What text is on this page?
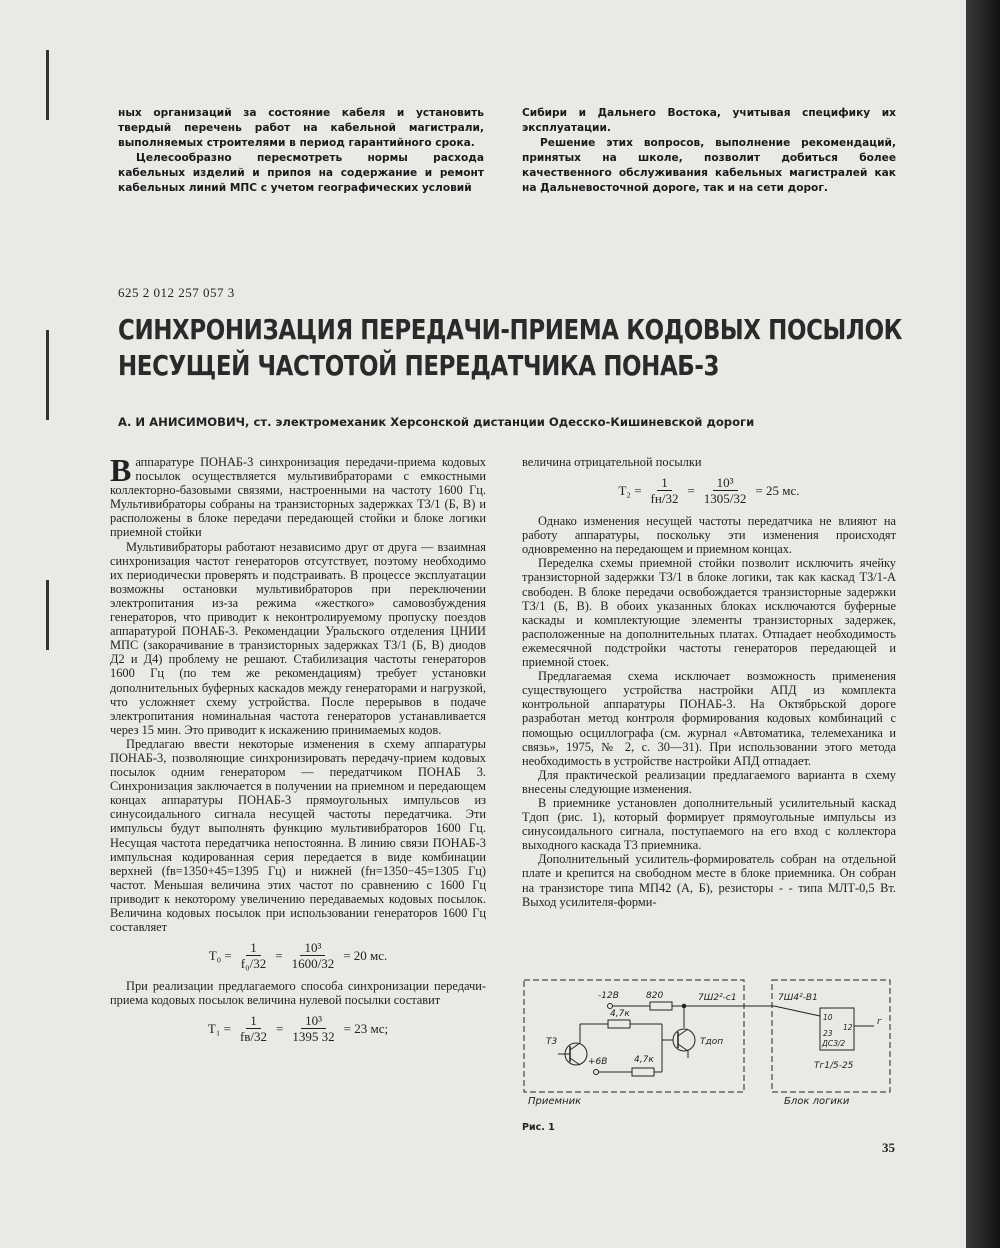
ных организаций за состояние кабеля и установить твердый перечень работ на кабельной магистрали, выполняемых строителями в период гарантийного срока.

Целесообразно пересмотреть нормы расхода кабельных изделий и припоя на содержание и ремонт кабельных линий МПС с учетом географических условий

Сибири и Дальнего Востока, учитывая специфику их эксплуатации.

Решение этих вопросов, выполнение рекомендаций, принятых на школе, позволит добиться более качественного обслуживания кабельных магистралей как на Дальневосточной дороге, так и на сети дорог.

625 2 012 257 057 3
СИНХРОНИЗАЦИЯ ПЕРЕДАЧИ-ПРИЕМА КОДОВЫХ ПОСЫЛОК
НЕСУЩЕЙ ЧАСТОТОЙ ПЕРЕДАТЧИКА ПОНАБ-3
А. И АНИСИМОВИЧ, ст. электромеханик Херсонской дистанции Одесско-Кишиневской дороги

Ваппаратуре ПОНАБ-3 синхронизация передачи-приема кодовых посылок осуществляется мультивибраторами с емкостными коллекторно-базовыми связями, настроенными на частоту 1600 Гц. Мультивибраторы собраны на транзисторных задержках ТЗ/1 (Б, В) и расположены в блоке передачи передающей стойки и блоке логики приемной стойки

Мультивибраторы работают независимо друг от друга — взаимная синхронизация частот генераторов отсутствует, поэтому необходимо их периодически проверять и подстраивать. В процессе эксплуатации возможны остановки мультивибраторов при переключении электропитания из-за режима «жесткого» самовозбуждения генераторов, что приводит к неконтролируемому пропуску поездов аппаратурой ПОНАБ-3. Рекомендации Уральского отделения ЦНИИ МПС (закорачивание в транзисторных задержках ТЗ/1 (Б, В) диодов Д2 и Д4) проблему не решают. Стабилизация частоты генераторов 1600 Гц (по тем же рекомендациям) требует установки дополнительных буферных каскадов между генераторами и нагрузкой, что усложняет схему устройства. После перерывов в подаче электропитания номинальная частота генераторов устанавливается через 15 мин. Это приводит к искажению принимаемых кодов.

Предлагаю ввести некоторые изменения в схему аппаратуры ПОНАБ-3, позволяющие синхронизировать передачу-прием кодовых посылок одним генератором — передатчиком ПОНАБ 3. Синхронизация заключается в получении на приемном и передающем концах аппаратуры ПОНАБ-3 прямоугольных импульсов из синусоидального сигнала несущей частоты передатчика. Эти импульсы будут выполнять функцию мультивибраторов 1600 Гц. Несущая частота передатчика непостоянна. В линию связи ПОНАБ-3 импульсная кодированная серия передается в виде комбинации верхней (fв=1350+45=1395 Гц) и нижней (fн=1350−45=1305 Гц) частот. Меньшая величина этих частот по сравнению с 1600 Гц приводит к некоторому увеличению передаваемых кодовых посылок. Величина кодовых посылок при использовании генераторов 1600 Гц составляет

$T_0 = \frac{1}{\text{f₀/32}} = \frac{\text{10³}}{1600/32} = 20$ мс.

При реализации предлагаемого способа синхронизации передачи-приема кодовых посылок величина нулевой посылки составит

$T_1 = \frac{1}{fв/32} = \frac{\text{10³}}{1395 32} = 23$ мс;

величина отрицательной посылки

$T_2 = \frac{1}{fн/32} = \frac{\text{10³}}{1305/32} = 25$ мс.

Однако изменения несущей частоты передатчика не влияют на работу аппаратуры, поскольку эти изменения происходят одновременно на передающем и приемном концах.

Переделка схемы приемной стойки позволит исключить ячейку транзисторной задержки ТЗ/1 в блоке логики, так как каскад ТЗ/1-А свободен. В блоке передачи освобождается транзисторные задержки ТЗ/1 (Б, В). В обоих указанных блоках исключаются буферные каскады и комплектующие элементы транзисторных задержек, расположенные на дополнительных платах. Отпадает необходимость ежемесячной подстройки частоты генераторов передающей и приемной стоек.

Предлагаемая схема исключает возможность применения существующего устройства настройки АПД из комплекта контрольной аппаратуры ПОНАБ-3. На Октябрьской дороге разработан метод контроля формирования кодовых комбинаций с помощью осциллографа (см. журнал «Автоматика, телемеханика и связь», 1975, № 2, с. 30—31). При использовании этого метода необходимость в устройстве настройки АПД отпадает.

Для практической реализации предлагаемого варианта в схему внесены следующие изменения.

В приемнике установлен дополнительный усилительный каскад Тдоп (рис. 1), который формирует прямоугольные импульсы из синусоидального сигнала, поступаемого на его вход с коллектора выходного каскада Т3 приемника.

Дополнительный усилитель-формирователь собран на отдельной плате и крепится на свободном месте в блоке приемника. Он собран на транзисторе типа МП42 (А, Б), резисторы - - типа МЛТ-0,5 Вт. Выход усилителя-форми-

-12В	820	7Ш2²-с1
Тдоп
Т3
4,7к
+6В	4,7к
7Ш4²-В1
10
12
23
г
ДСЗ/2
Тг1/5-25
Приемник	Блок логики
Рис. 1
35
